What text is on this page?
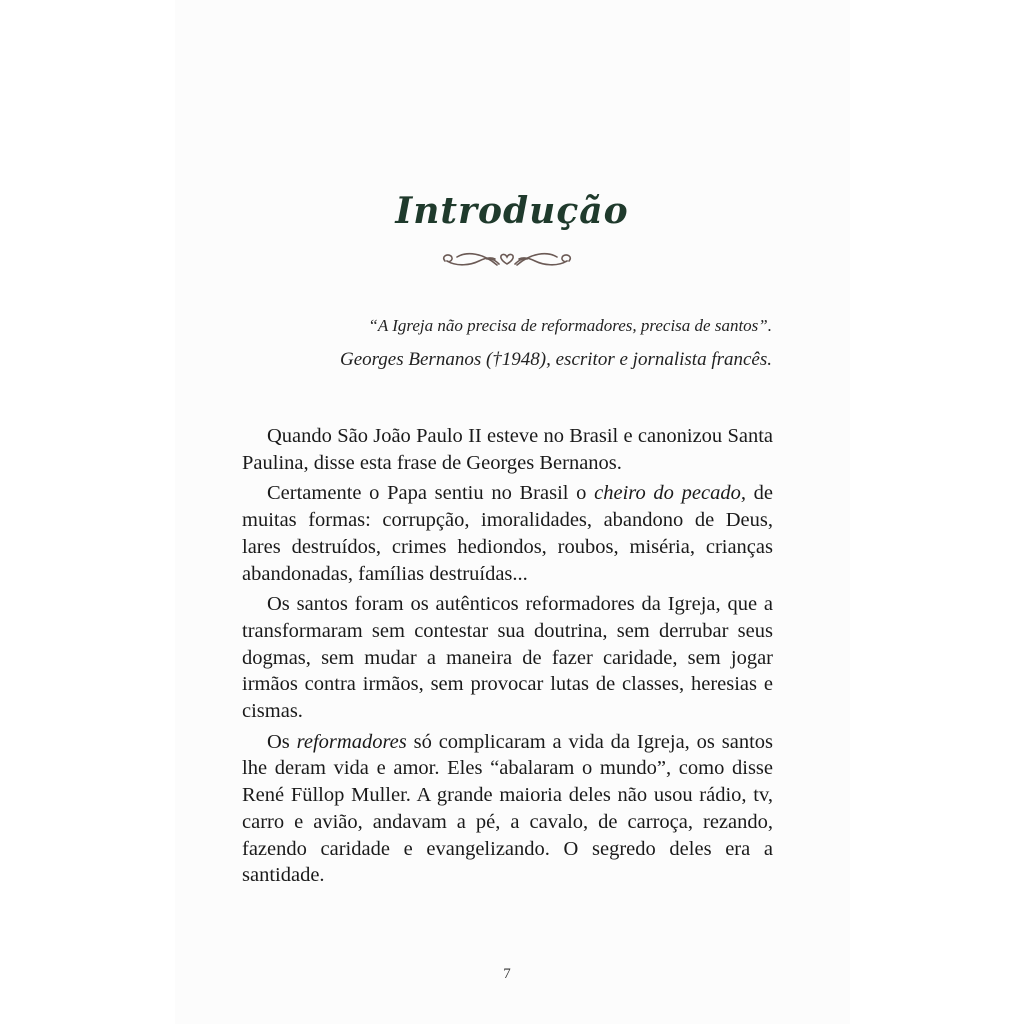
Introdução

“A Igreja não precisa de reformadores, precisa de santos”.

Georges Bernanos (†1948), escritor e jornalista francês.

Quando São João Paulo II esteve no Brasil e canonizou Santa Paulina, disse esta frase de Georges Bernanos.

Certamente o Papa sentiu no Brasil o cheiro do pecado, de muitas formas: corrupção, imoralidades, abandono de Deus, lares destruídos, crimes hediondos, roubos, miséria, crianças abandonadas, famílias destruídas...

Os santos foram os autênticos reformadores da Igreja, que a transformaram sem contestar sua doutrina, sem derrubar seus dogmas, sem mudar a maneira de fazer caridade, sem jogar irmãos contra irmãos, sem provocar lutas de classes, heresias e cismas.

Os reformadores só complicaram a vida da Igreja, os santos lhe deram vida e amor. Eles “abalaram o mundo”, como disse René Füllop Muller. A grande maioria deles não usou rádio, tv, carro e avião, andavam a pé, a cavalo, de carroça, rezando, fazendo caridade e evangelizando. O segredo deles era a santidade.

7
